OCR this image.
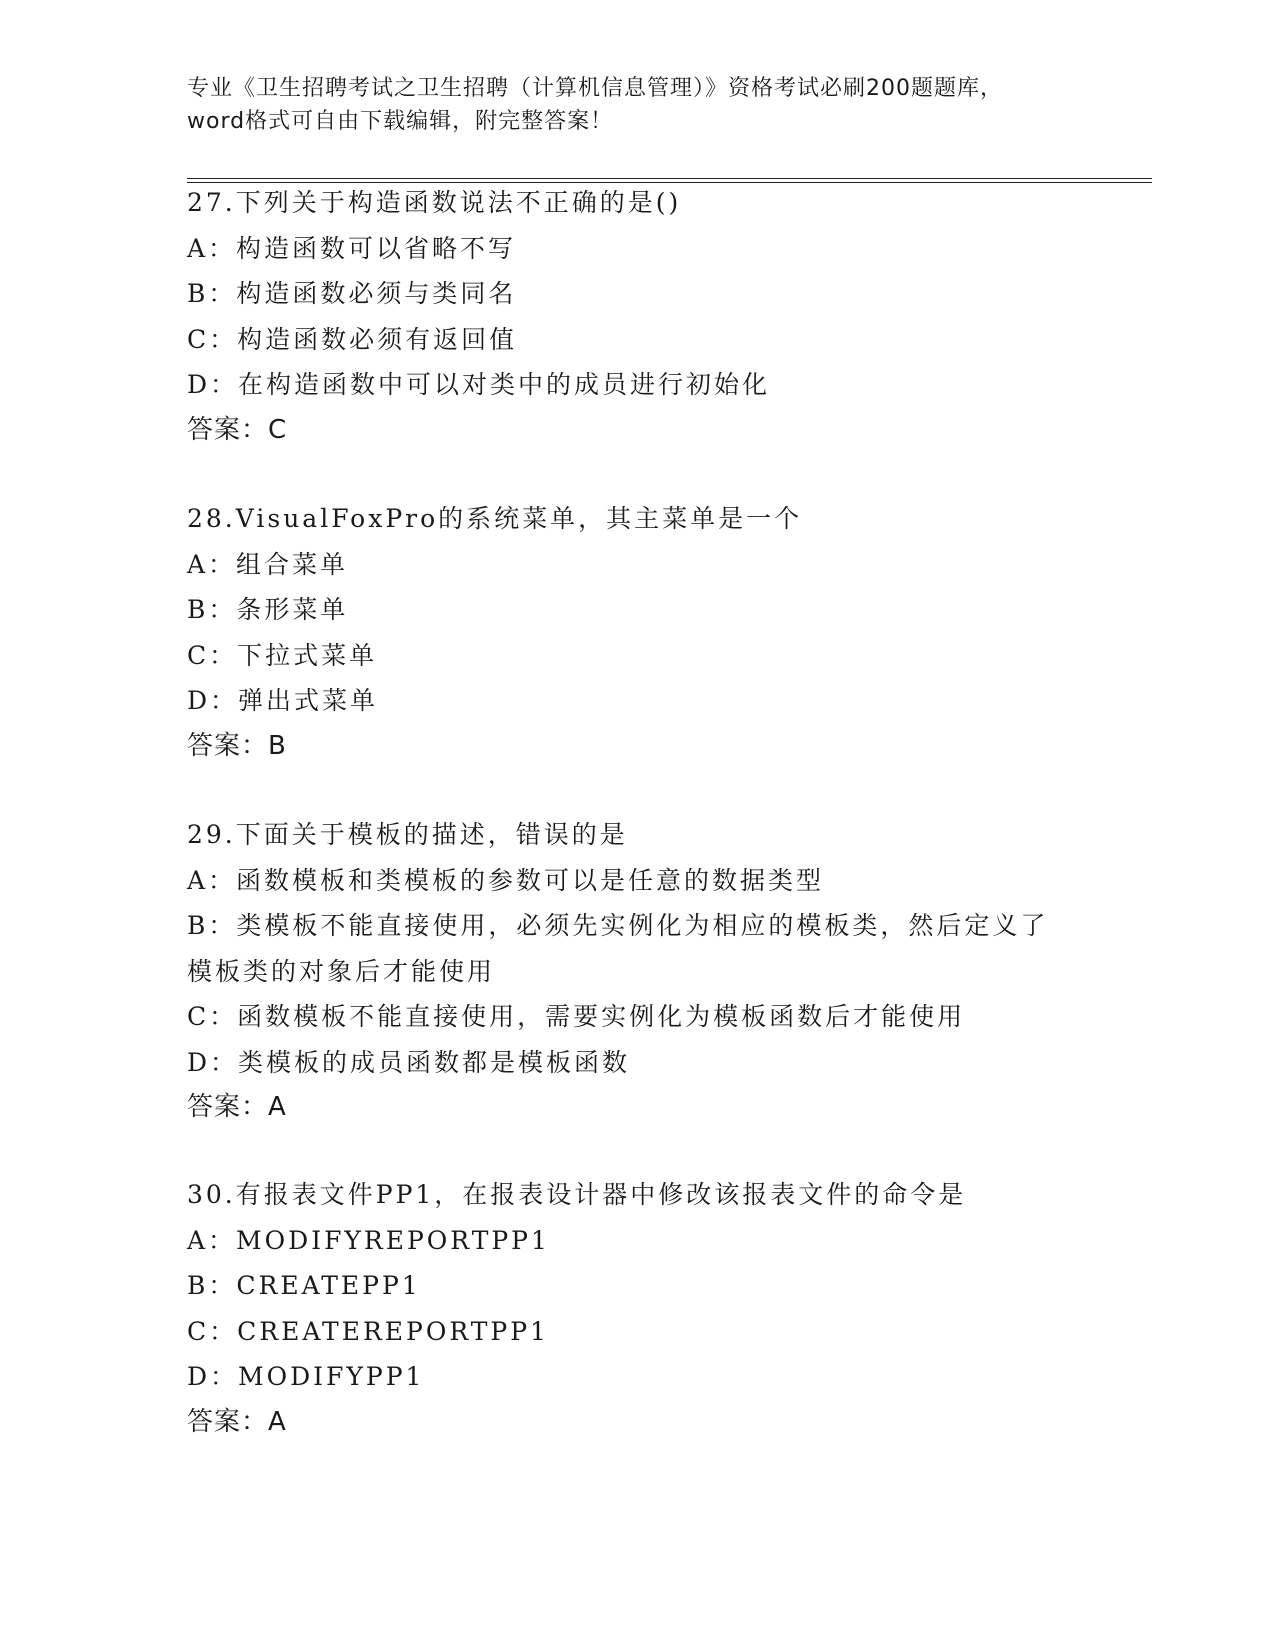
专业《卫生招聘考试之卫生招聘（计算机信息管理）》资格考试必刷200题题库，
word格式可自由下载编辑，附完整答案！
27.下列关于构造函数说法不正确的是()
A：构造函数可以省略不写
B：构造函数必须与类同名
C：构造函数必须有返回值
D：在构造函数中可以对类中的成员进行初始化
答案：C
28.VisualFoxPro的系统菜单，其主菜单是一个
A：组合菜单
B：条形菜单
C：下拉式菜单
D：弹出式菜单
答案：B
29.下面关于模板的描述，错误的是
A：函数模板和类模板的参数可以是任意的数据类型
B：类模板不能直接使用，必须先实例化为相应的模板类，然后定义了模板类的对象后才能使用
C：函数模板不能直接使用，需要实例化为模板函数后才能使用
D：类模板的成员函数都是模板函数
答案：A
30.有报表文件PP1，在报表设计器中修改该报表文件的命令是
A：MODIFYREPORTPP1
B：CREATEPP1
C：CREATEREPORTPP1
D：MODIFYPP1
答案：A
